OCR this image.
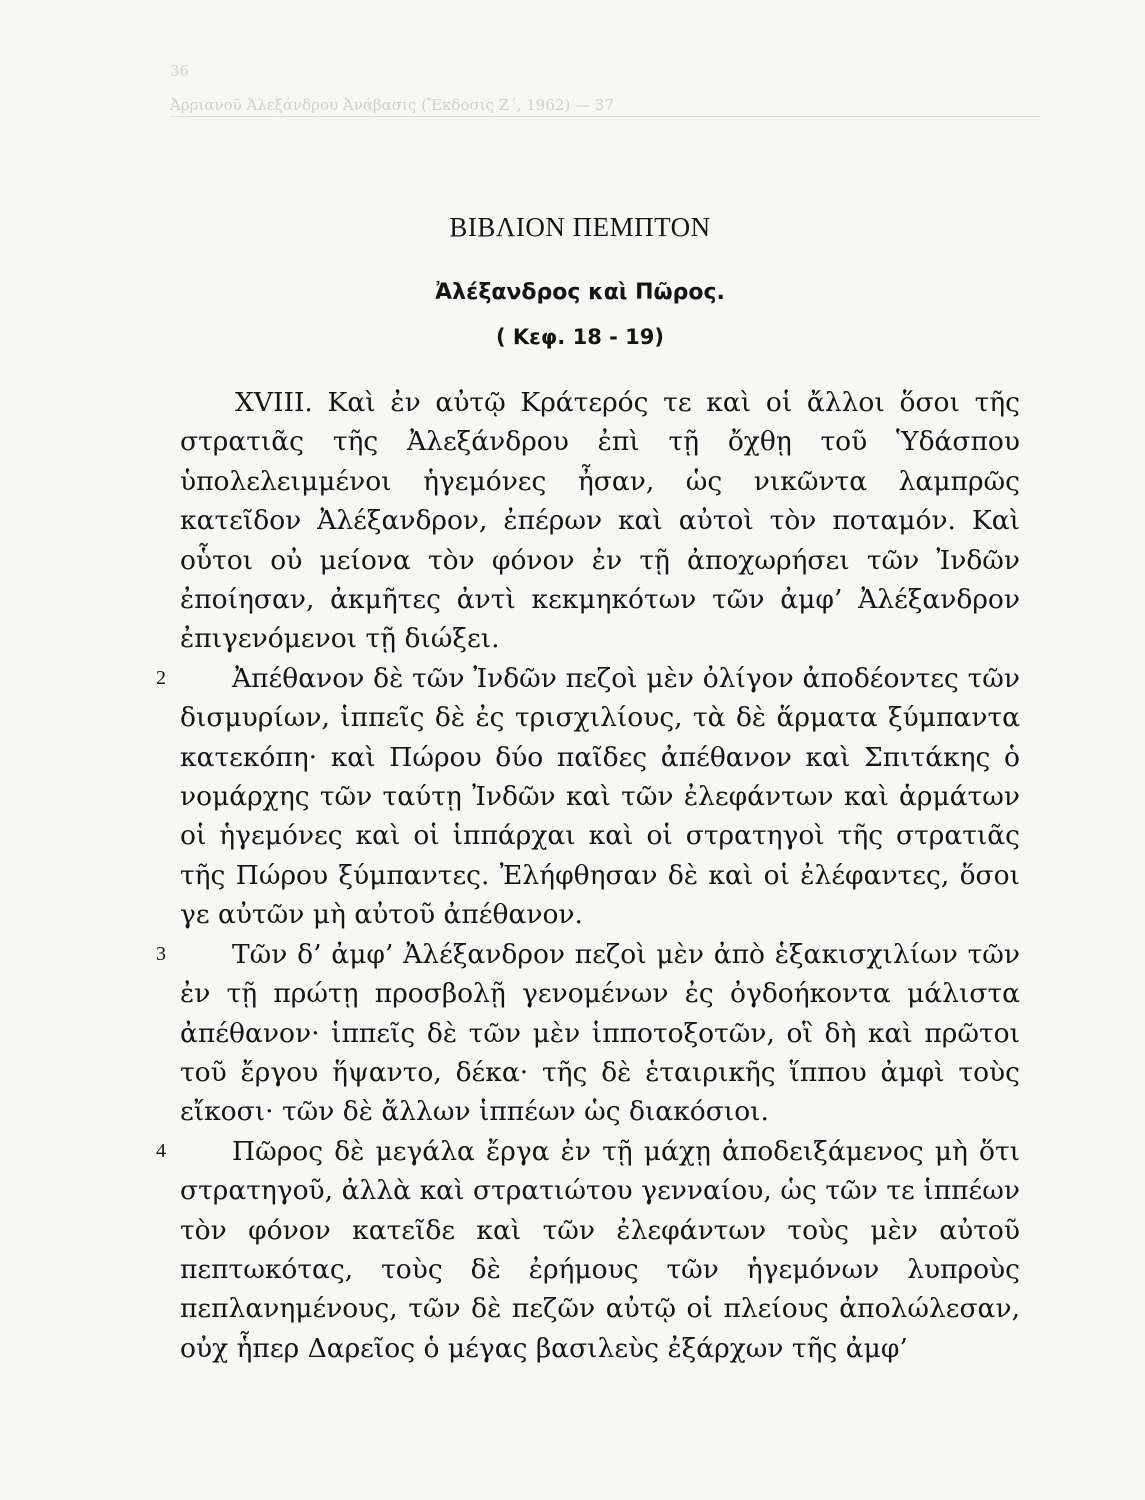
36
Ἀρριανοῦ Ἀλεξάνδρου Ἀνάβασις (Ἔκδοσις Ζ΄, 1962) — 37
ΒΙΒΛΙΟΝ ΠΕΜΠΤΟΝ
Ἀλέξανδρος καὶ Πῶρος.
( Κεφ. 18 - 19)

XVIII. Καὶ ἐν αὐτῷ Κράτερός τε καὶ οἱ ἄλλοι ὅσοι τῆς στρατιᾶς τῆς Ἀλεξάνδρου ἐπὶ τῇ ὄχθῃ τοῦ Ὑδάσπου ὑπολελειμμένοι ἡγεμόνες ἦσαν, ὡς νικῶντα λαμπρῶς κατεῖδον Ἀλέξανδρον, ἐπέρων καὶ αὐτοὶ τὸν ποταμόν. Καὶ οὗτοι οὐ μείονα τὸν φόνον ἐν τῇ ἀποχωρήσει τῶν Ἰνδῶν ἐποίησαν, ἀκμῆτες ἀντὶ κεκμηκότων τῶν ἀμφ’ Ἀλέξανδρον ἐπιγενόμενοι τῇ διώξει.

2 Ἀπέθανον δὲ τῶν Ἰνδῶν πεζοὶ μὲν ὀλίγον ἀποδέοντες τῶν δισμυρίων, ἱππεῖς δὲ ἐς τρισχιλίους, τὰ δὲ ἅρματα ξύμπαντα κατεκόπη· καὶ Πώρου δύο παῖδες ἀπέθανον καὶ Σπιτάκης ὁ νομάρχης τῶν ταύτῃ Ἰνδῶν καὶ τῶν ἐλεφάντων καὶ ἁρμάτων οἱ ἡγεμόνες καὶ οἱ ἱππάρχαι καὶ οἱ στρατηγοὶ τῆς στρατιᾶς τῆς Πώρου ξύμπαντες. Ἐλήφθησαν δὲ καὶ οἱ ἐλέφαντες, ὅσοι γε αὐτῶν μὴ αὐτοῦ ἀπέθανον.

3 Τῶν δ’ ἀμφ’ Ἀλέξανδρον πεζοὶ μὲν ἀπὸ ἑξακισχιλίων τῶν ἐν τῇ πρώτῃ προσβολῇ γενομένων ἐς ὀγδοήκοντα μάλιστα ἀπέθανον· ἱππεῖς δὲ τῶν μὲν ἱπποτοξοτῶν, οἳ δὴ καὶ πρῶτοι τοῦ ἔργου ἥψαντο, δέκα· τῆς δὲ ἑταιρικῆς ἵππου ἀμφὶ τοὺς εἴκοσι· τῶν δὲ ἄλλων ἱππέων ὡς διακόσιοι.

4 Πῶρος δὲ μεγάλα ἔργα ἐν τῇ μάχῃ ἀποδειξάμενος μὴ ὅτι στρατηγοῦ, ἀλλὰ καὶ στρατιώτου γενναίου, ὡς τῶν τε ἱππέων τὸν φόνον κατεῖδε καὶ τῶν ἐλεφάντων τοὺς μὲν αὐτοῦ πεπτωκότας, τοὺς δὲ ἐρήμους τῶν ἡγεμόνων λυπροὺς πεπλανημένους, τῶν δὲ πεζῶν αὐτῷ οἱ πλείους ἀπολώλεσαν, οὐχ ἧπερ Δαρεῖος ὁ μέγας βασιλεὺς ἐξάρχων τῆς ἀμφ’
